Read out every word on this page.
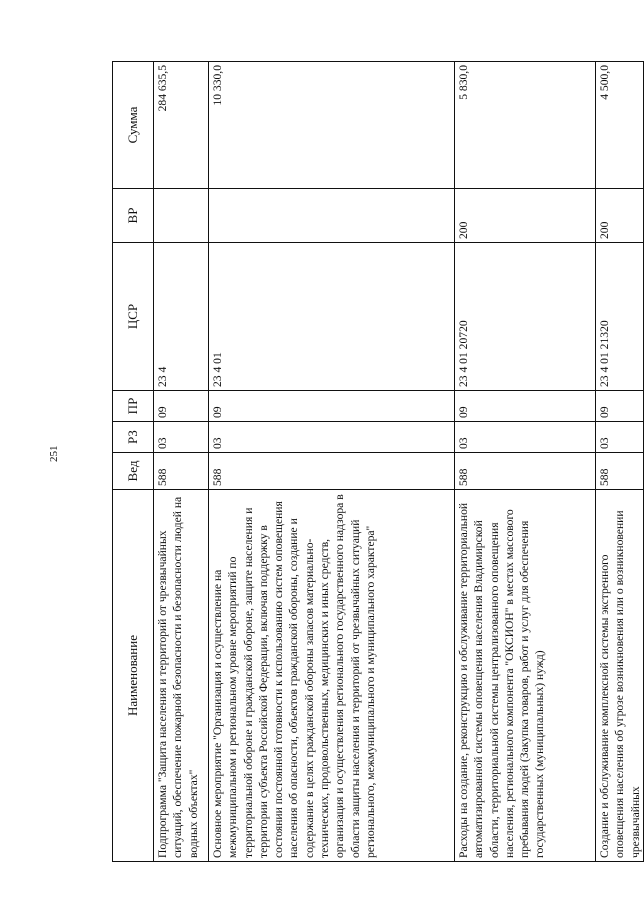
251
Наименование	Вед	РЗ	ПР	ЦСР	ВР	Сумма
Подпрограмма "Защита населения и территорий от чрезвычайных ситуаций, обеспечение пожарной безопасности и безопасности людей на водных объектах"	588	03	09	23 4		284 635,5
Основное мероприятие "Организация и осуществление на межмуниципальном и региональном уровне мероприятий по территориальной обороне и гражданской обороне, защите населения и территории субъекта Российской Федерации, включая поддержку в состоянии постоянной готовности к использованию систем оповещения населения об опасности, объектов гражданской обороны, создание и содержание в целях гражданской обороны запасов материально-технических, продовольственных, медицинских и иных средств, организация и осуществления регионального государственного надзора в области защиты населения и территорий от чрезвычайных ситуаций регионального, межмуниципального и муниципального характера"	588	03	09	23 4 01		10 330,0
Расходы на создание, реконструкцию и обслуживание территориальной автоматизированной системы оповещения населения Владимирской области, территориальной системы централизованного оповещения населения, регионального компонента "ОКСИОН" в местах массового пребывания людей (Закупка товаров, работ и услуг для обеспечения государственных (муниципальных) нужд)	588	03	09	23 4 01 20720	200	5 830,0
Создание и обслуживание комплексной системы экстренного оповещения населения об угрозе возникновения или о возникновении чрезвычайных	588	03	09	23 4 01 21320	200	4 500,0
